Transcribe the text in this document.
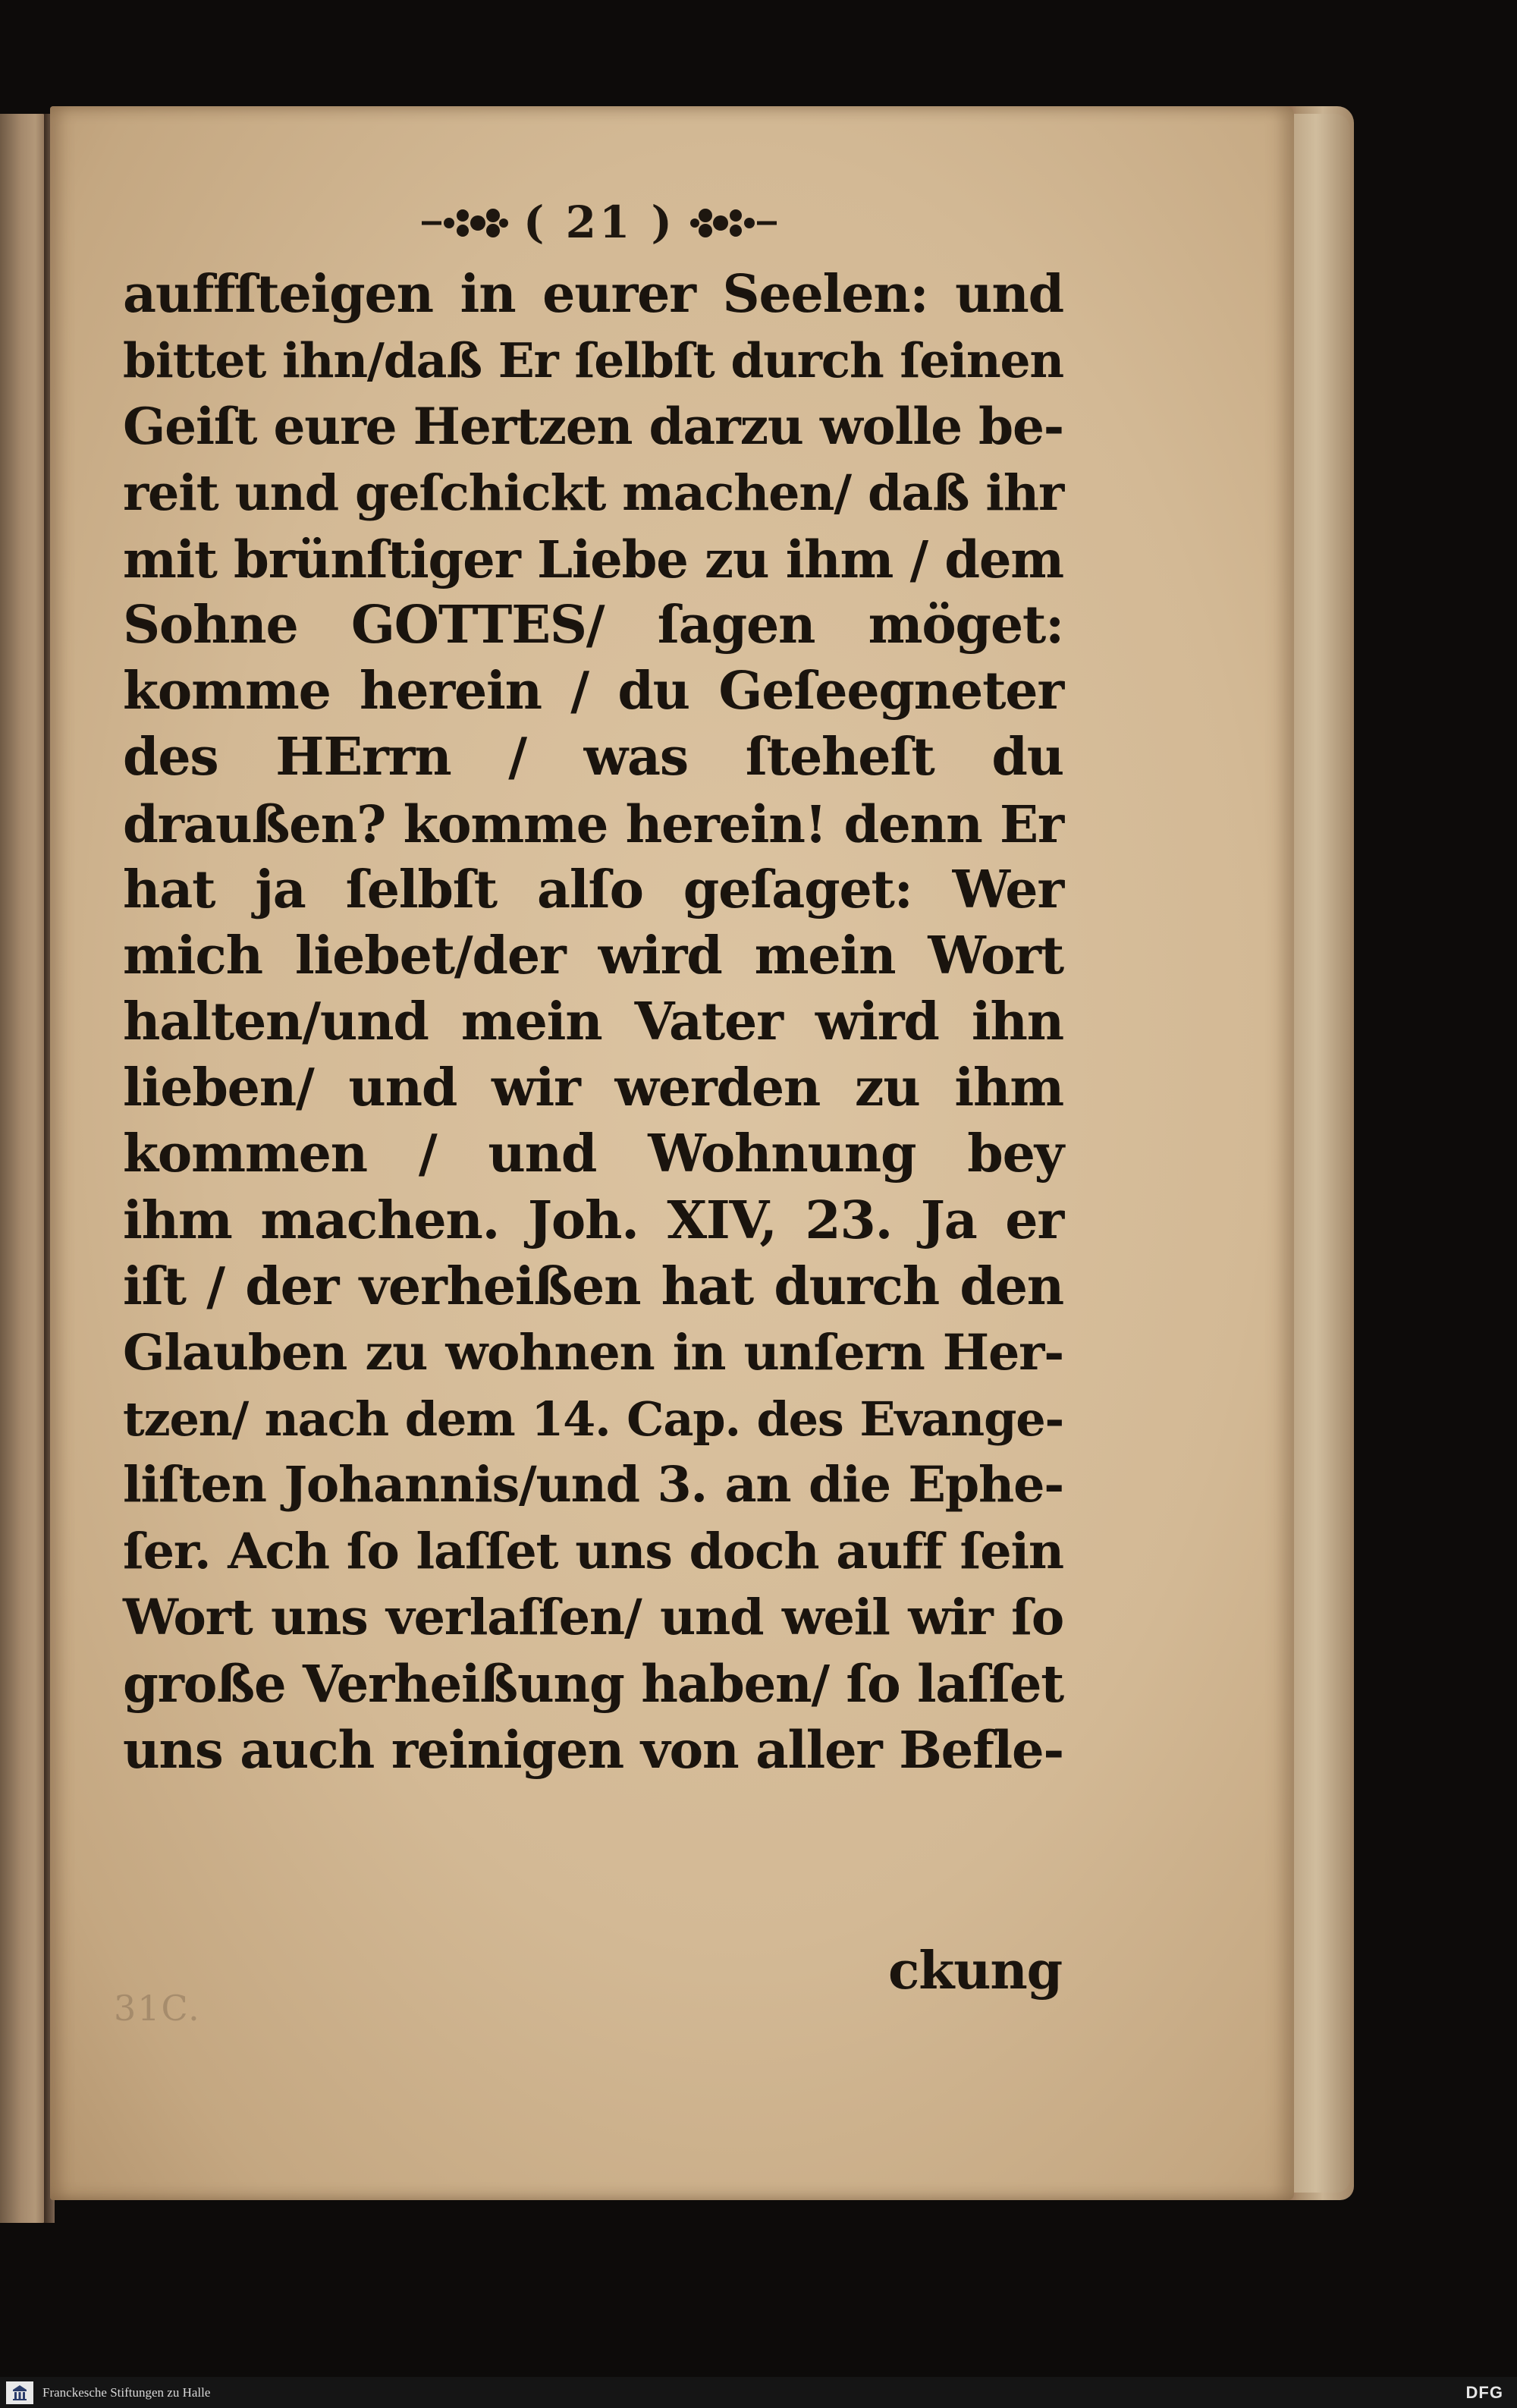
( 21 )
auffſteigen in eurer Seelen: und
bittet ihn/daß Er ſelbſt durch ſeinen
Geiſt eure Hertzen darzu wolle be-
reit und geſchickt machen/ daß ihr
mit brünſtiger Liebe zu ihm / dem
Sohne GOTTES/ ſagen möget:
komme herein / du Geſeegneter
des HErrn / was ſteheſt du
draußen? komme herein! denn Er
hat ja ſelbſt alſo geſaget: Wer
mich liebet/der wird mein Wort
halten/und mein Vater wird ihn
lieben/ und wir werden zu ihm
kommen / und Wohnung bey
ihm machen. Joh. XIV, 23. Ja er
iſt / der verheißen hat durch den
Glauben zu wohnen in unſern Her-
tzen/ nach dem 14. Cap. des Evange-
liſten Johannis/und 3. an die Ephe-
ſer. Ach ſo laſſet uns doch auff ſein
Wort uns verlaſſen/ und weil wir ſo
große Verheißung haben/ ſo laſſet
uns auch reinigen von aller Befle-
ckung
31C.
Franckesche Stiftungen zu Halle	DFG
